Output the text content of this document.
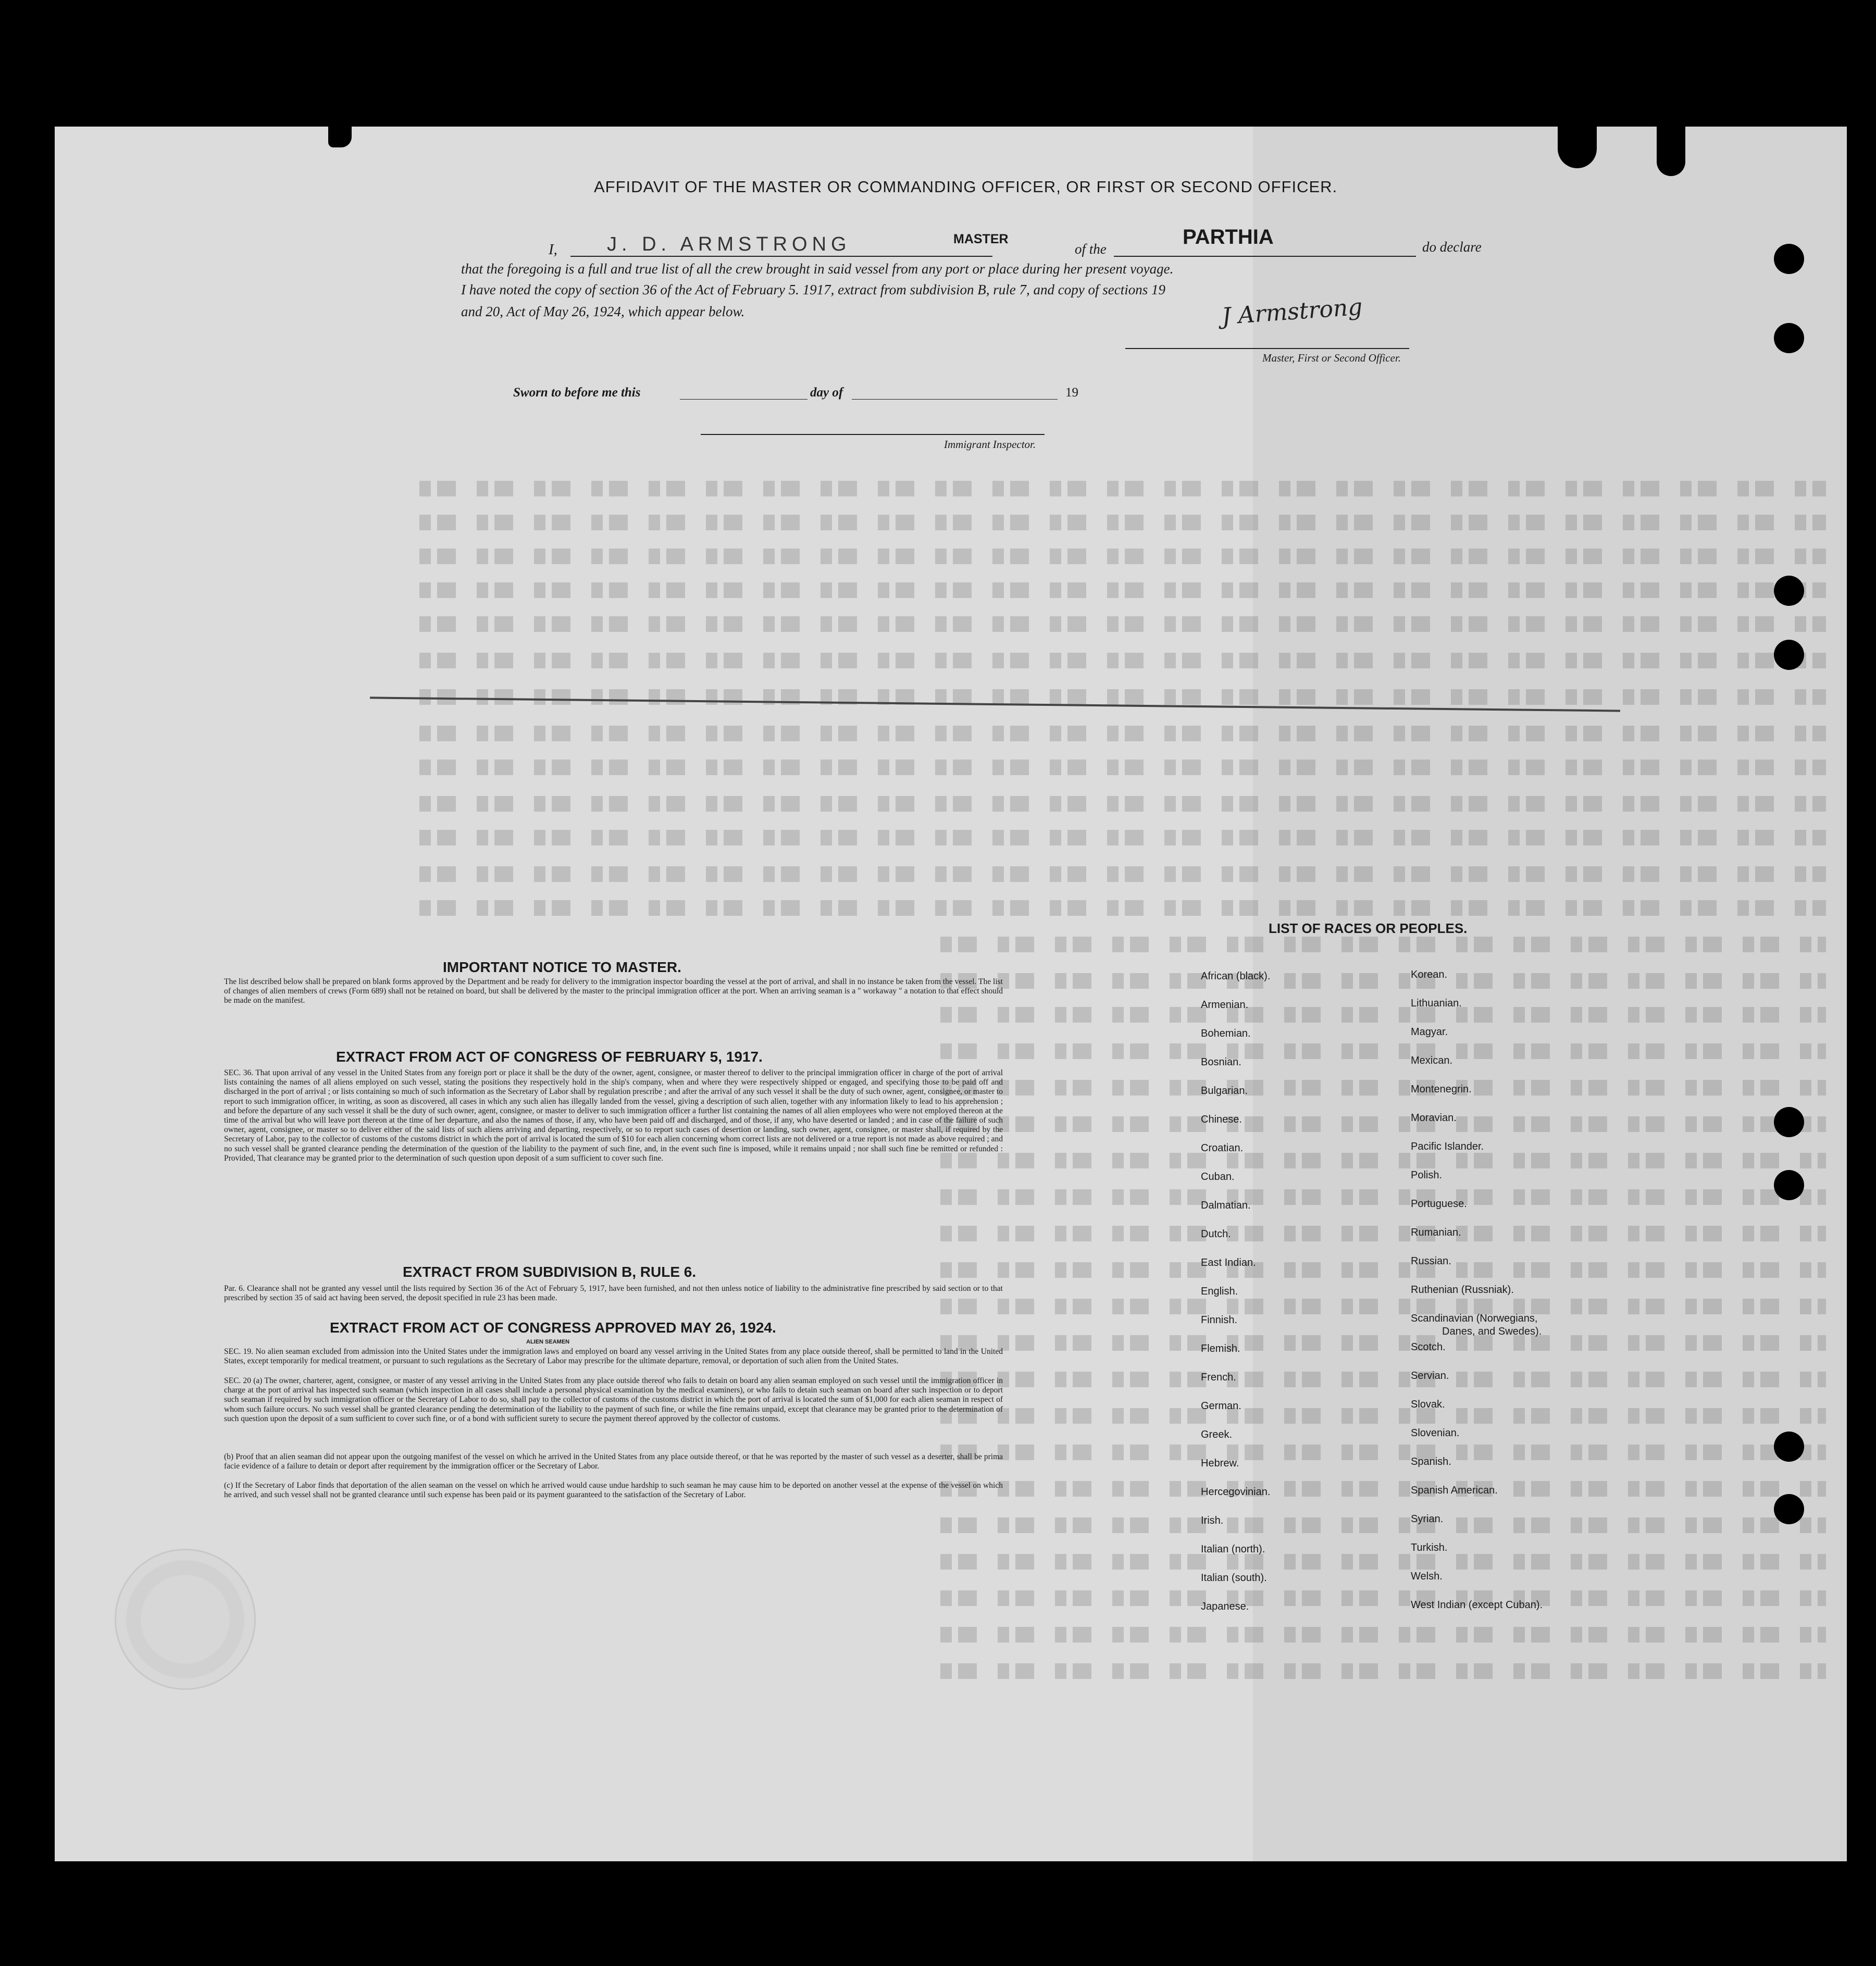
AFFIDAVIT OF THE MASTER OR COMMANDING OFFICER, OR FIRST OR SECOND OFFICER.
I,	J. D. ARMSTRONG	MASTER
of the
PARTHIA	do declare
that the foregoing is a full and true list of all the crew brought in said vessel from any port or place during her present voyage.
I have noted the copy of section 36 of the Act of February 5. 1917, extract from subdivision B, rule 7, and copy of sections 19
and 20, Act of May 26, 1924, which appear below.	J Armstrong
Master, First or Second Officer.
Sworn to before me this	day of	19
Immigrant Inspector.
IMPORTANT NOTICE TO MASTER.
The list described below shall be prepared on blank forms approved by the Department and be ready for delivery to the immigration inspector boarding the vessel at the port of arrival, and shall in no instance be taken from the vessel. The list of changes of alien members of crews (Form 689) shall not be retained on board, but shall be delivered by the master to the principal immigration officer at the port. When an arriving seaman is a " workaway " a notation to that effect should be made on the manifest.
EXTRACT FROM ACT OF CONGRESS OF FEBRUARY 5, 1917.
SEC. 36. That upon arrival of any vessel in the United States from any foreign port or place it shall be the duty of the owner, agent, consignee, or master thereof to deliver to the principal immigration officer in charge of the port of arrival lists containing the names of all aliens employed on such vessel, stating the positions they respectively hold in the ship's company, when and where they were respectively shipped or engaged, and specifying those to be paid off and discharged in the port of arrival ; or lists containing so much of such information as the Secretary of Labor shall by regulation prescribe ; and after the arrival of any such vessel it shall be the duty of such owner, agent, consignee, or master to report to such immigration officer, in writing, as soon as discovered, all cases in which any such alien has illegally landed from the vessel, giving a description of such alien, together with any information likely to lead to his apprehension ; and before the departure of any such vessel it shall be the duty of such owner, agent, consignee, or master to deliver to such immigration officer a further list containing the names of all alien employees who were not employed thereon at the time of the arrival but who will leave port thereon at the time of her departure, and also the names of those, if any, who have been paid off and discharged, and of those, if any, who have deserted or landed ; and in case of the failure of such owner, agent, consignee, or master so to deliver either of the said lists of such aliens arriving and departing, respectively, or so to report such cases of desertion or landing, such owner, agent, consignee, or master shall, if required by the Secretary of Labor, pay to the collector of customs of the customs district in which the port of arrival is located the sum of $10 for each alien concerning whom correct lists are not delivered or a true report is not made as above required ; and no such vessel shall be granted clearance pending the determination of the question of the liability to the payment of such fine, and, in the event such fine is imposed, while it remains unpaid ; nor shall such fine be remitted or refunded : Provided, That clearance may be granted prior to the determination of such question upon deposit of a sum sufficient to cover such fine.
EXTRACT FROM SUBDIVISION B, RULE 6.
Par. 6. Clearance shall not be granted any vessel until the lists required by Section 36 of the Act of February 5, 1917, have been furnished, and not then unless notice of liability to the administrative fine prescribed by said section or to that prescribed by section 35 of said act having been served, the deposit specified in rule 23 has been made.
EXTRACT FROM ACT OF CONGRESS APPROVED MAY 26, 1924.
ALIEN SEAMEN
SEC. 19. No alien seaman excluded from admission into the United States under the immigration laws and employed on board any vessel arriving in the United States from any place outside thereof, shall be permitted to land in the United States, except temporarily for medical treatment, or pursuant to such regulations as the Secretary of Labor may prescribe for the ultimate departure, removal, or deportation of such alien from the United States.
SEC. 20 (a) The owner, charterer, agent, consignee, or master of any vessel arriving in the United States from any place outside thereof who fails to detain on board any alien seaman employed on such vessel until the immigration officer in charge at the port of arrival has inspected such seaman (which inspection in all cases shall include a personal physical examination by the medical examiners), or who fails to detain such seaman on board after such inspection or to deport such seaman if required by such immigration officer or the Secretary of Labor to do so, shall pay to the collector of customs of the customs district in which the port of arrival is located the sum of $1,000 for each alien seaman in respect of whom such failure occurs. No such vessel shall be granted clearance pending the determination of the liability to the payment of such fine, or while the fine remains unpaid, except that clearance may be granted prior to the determination of such question upon the deposit of a sum sufficient to cover such fine, or of a bond with sufficient surety to secure the payment thereof approved by the collector of customs.
(b) Proof that an alien seaman did not appear upon the outgoing manifest of the vessel on which he arrived in the United States from any place outside thereof, or that he was reported by the master of such vessel as a deserter, shall be prima facie evidence of a failure to detain or deport after requirement by the immigration officer or the Secretary of Labor.
(c) If the Secretary of Labor finds that deportation of the alien seaman on the vessel on which he arrived would cause undue hardship to such seaman he may cause him to be deported on another vessel at the expense of the vessel on which he arrived, and such vessel shall not be granted clearance until such expense has been paid or its payment guaranteed to the satisfaction of the Secretary of Labor.
LIST OF RACES OR PEOPLES.
African (black).
Armenian.
Bohemian.
Bosnian.
Bulgarian.
Chinese.
Croatian.
Cuban.
Dalmatian.
Dutch.
East Indian.
English.
Finnish.
Flemish.
French.
German.
Greek.
Hebrew.
Hercegovinian.
Irish.
Italian (north).
Italian (south).
Japanese.
Korean.
Lithuanian.
Magyar.
Mexican.
Montenegrin.
Moravian.
Pacific Islander.
Polish.
Portuguese.
Rumanian.
Russian.
Ruthenian (Russniak).
Scandinavian (Norwegians,
Danes, and Swedes).
Scotch.
Servian.
Slovak.
Slovenian.
Spanish.
Spanish American.
Syrian.
Turkish.
Welsh.
West Indian (except Cuban).
